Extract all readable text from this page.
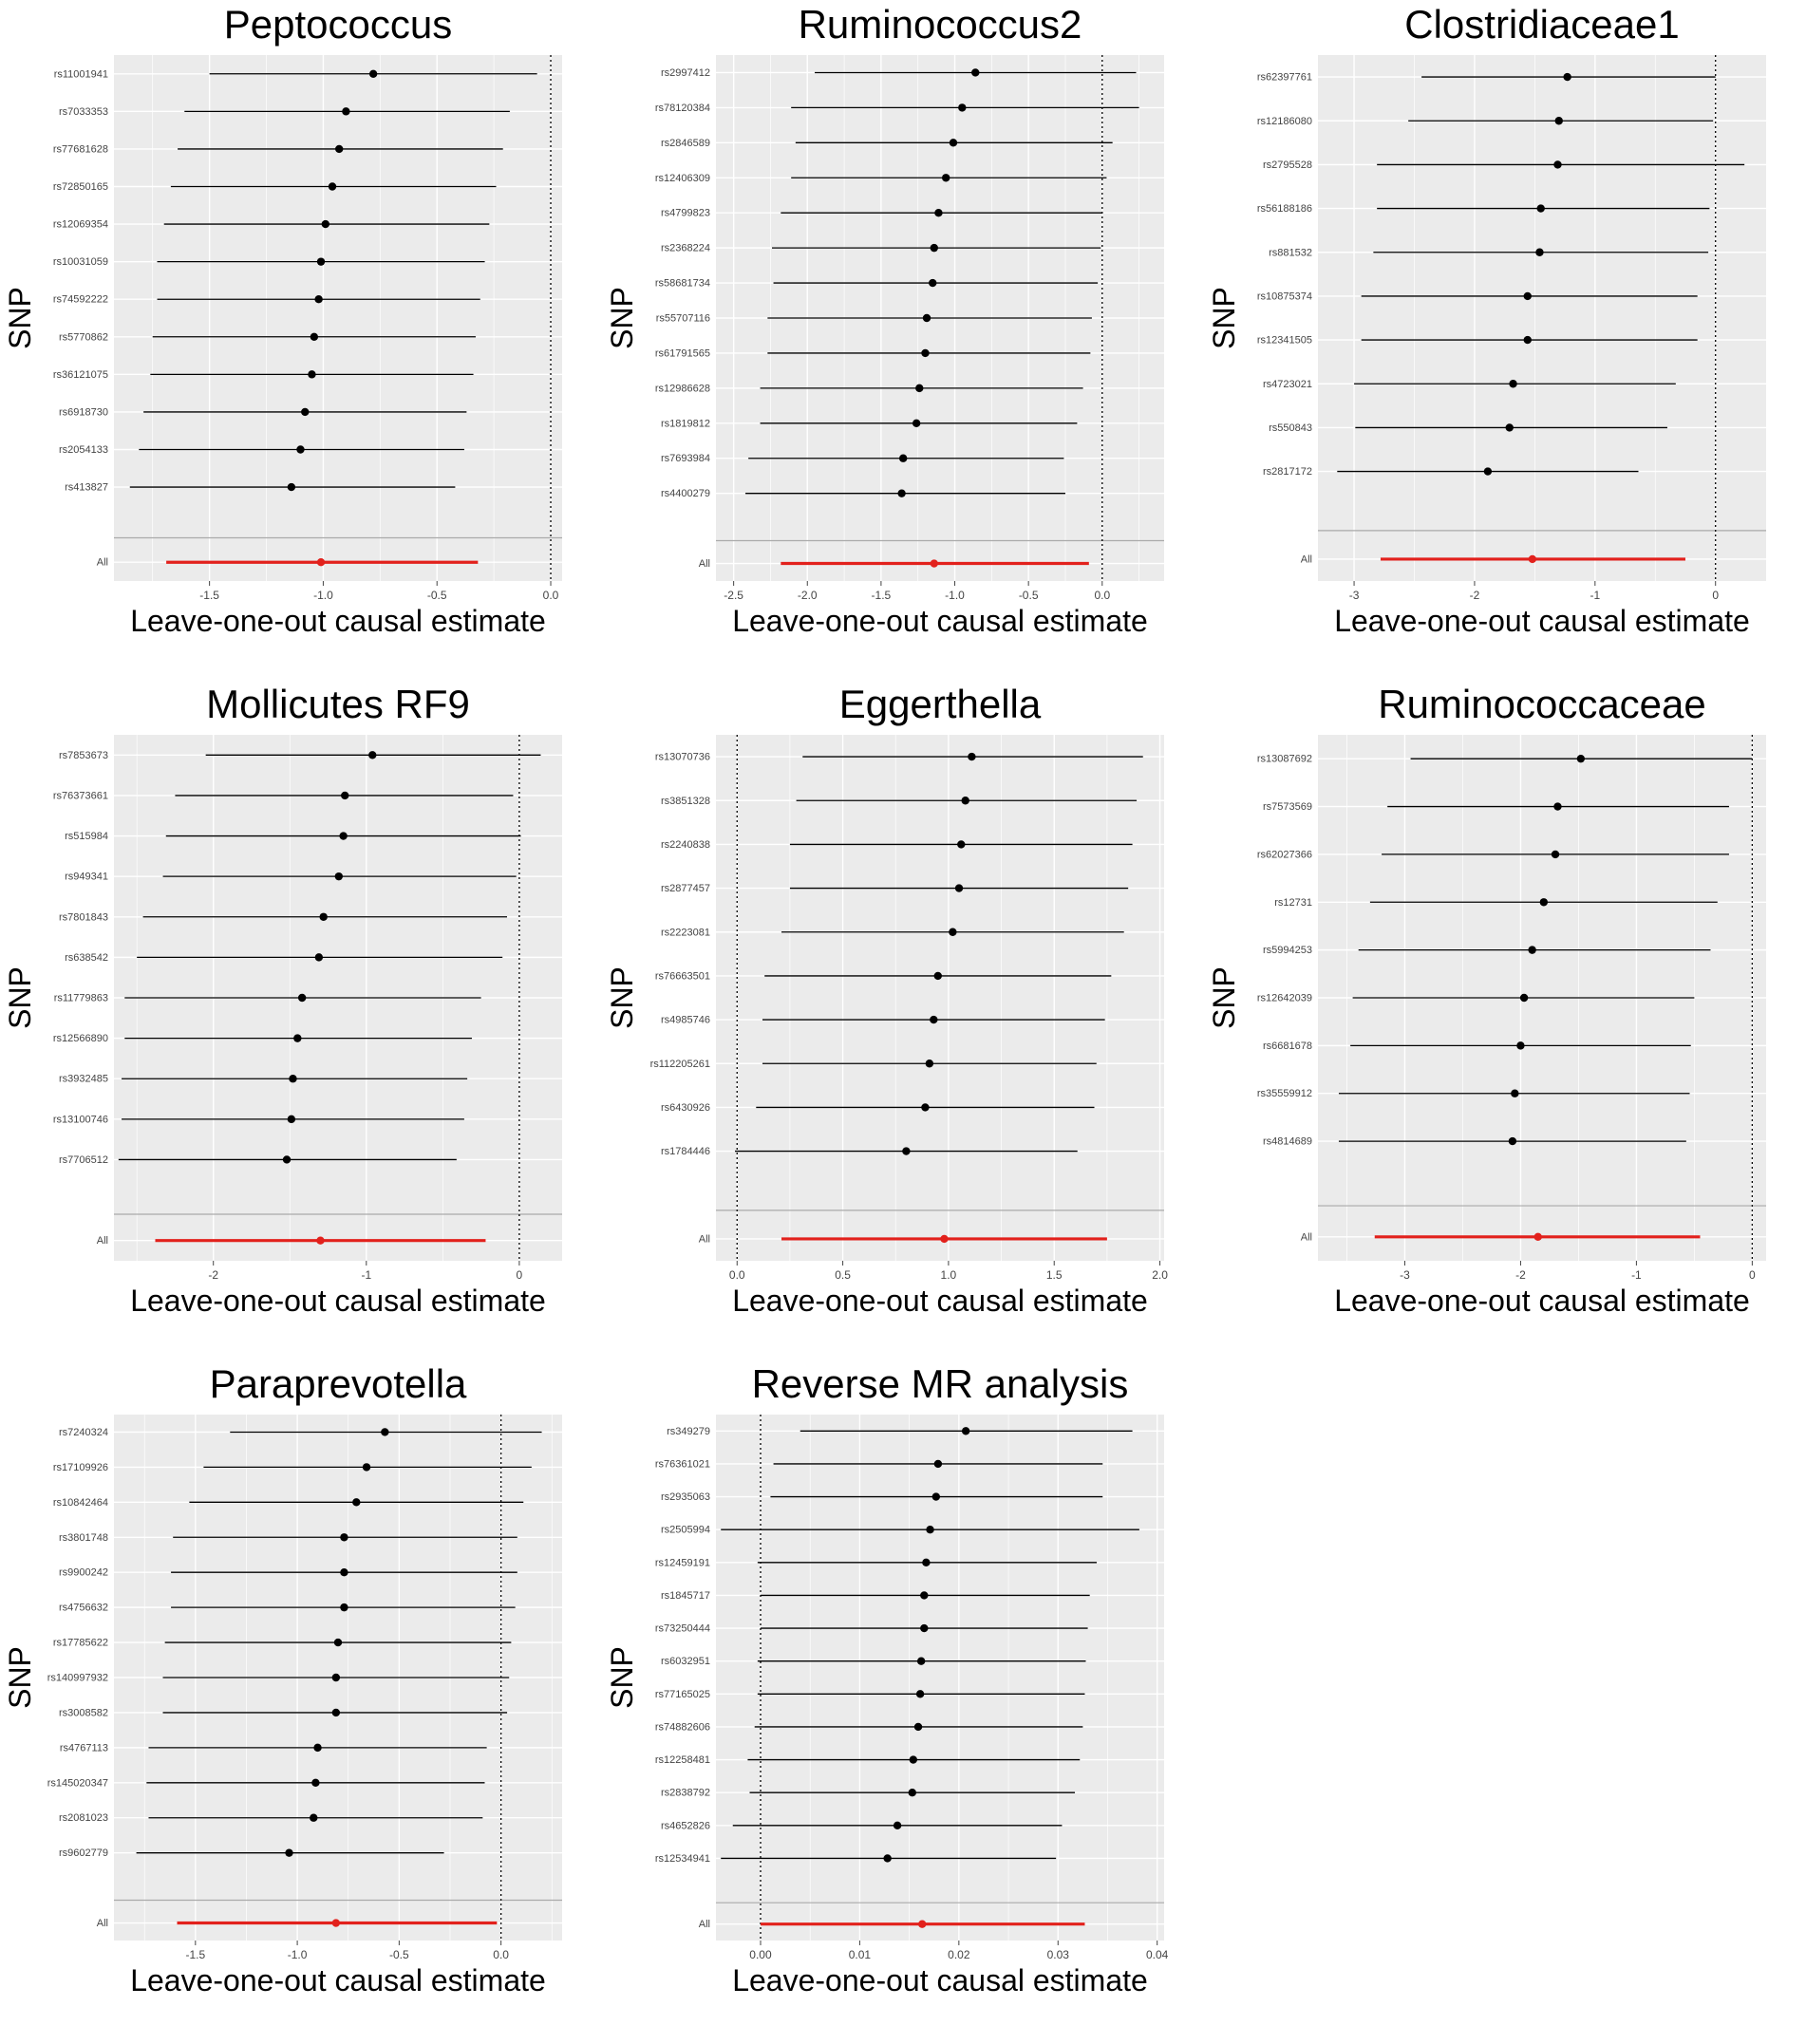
rs11001941
rs7033353
rs77681628
rs72850165
rs12069354
rs10031059
rs74592222
rs5770862
rs36121075
rs6918730
rs2054133
rs413827
All
-1.5	-1.0	-0.5	0.0
Peptococcus
Leave-one-out causal estimate
SNP
rs2997412
rs78120384
rs2846589
rs12406309
rs4799823
rs2368224
rs58681734
rs55707116
rs61791565
rs12986628
rs1819812
rs7693984
rs4400279
All
-2.5	-2.0	-1.5	-1.0	-0.5	0.0
Ruminococcus2
Leave-one-out causal estimate
SNP
rs62397761
rs12186080
rs2795528
rs56188186
rs881532
rs10875374
rs12341505
rs4723021
rs550843
rs2817172
All
-3	-2	-1	0
Clostridiaceae1
Leave-one-out causal estimate
SNP
rs7853673
rs76373661
rs515984
rs949341
rs7801843
rs638542
rs11779863
rs12566890
rs3932485
rs13100746
rs7706512
All
-2	-1	0
Mollicutes RF9
Leave-one-out causal estimate
SNP
rs13070736
rs3851328
rs2240838
rs2877457
rs2223081
rs76663501
rs4985746
rs112205261
rs6430926
rs1784446
All
0.0	0.5	1.0	1.5	2.0
Eggerthella
Leave-one-out causal estimate
SNP
rs13087692
rs7573569
rs62027366
rs12731
rs5994253
rs12642039
rs6681678
rs35559912
rs4814689
All
-3	-2	-1	0
Ruminococcaceae
Leave-one-out causal estimate
SNP
rs7240324
rs17109926
rs10842464
rs3801748
rs9900242
rs4756632
rs17785622
rs140997932
rs3008582
rs4767113
rs145020347
rs2081023
rs9602779
All
-1.5	-1.0	-0.5	0.0
Paraprevotella
Leave-one-out causal estimate
SNP
rs349279
rs76361021
rs2935063
rs2505994
rs12459191
rs1845717
rs73250444
rs6032951
rs77165025
rs74882606
rs12258481
rs2838792
rs4652826
rs12534941
All
0.00	0.01	0.02	0.03	0.04
Reverse MR analysis
Leave-one-out causal estimate
SNP
